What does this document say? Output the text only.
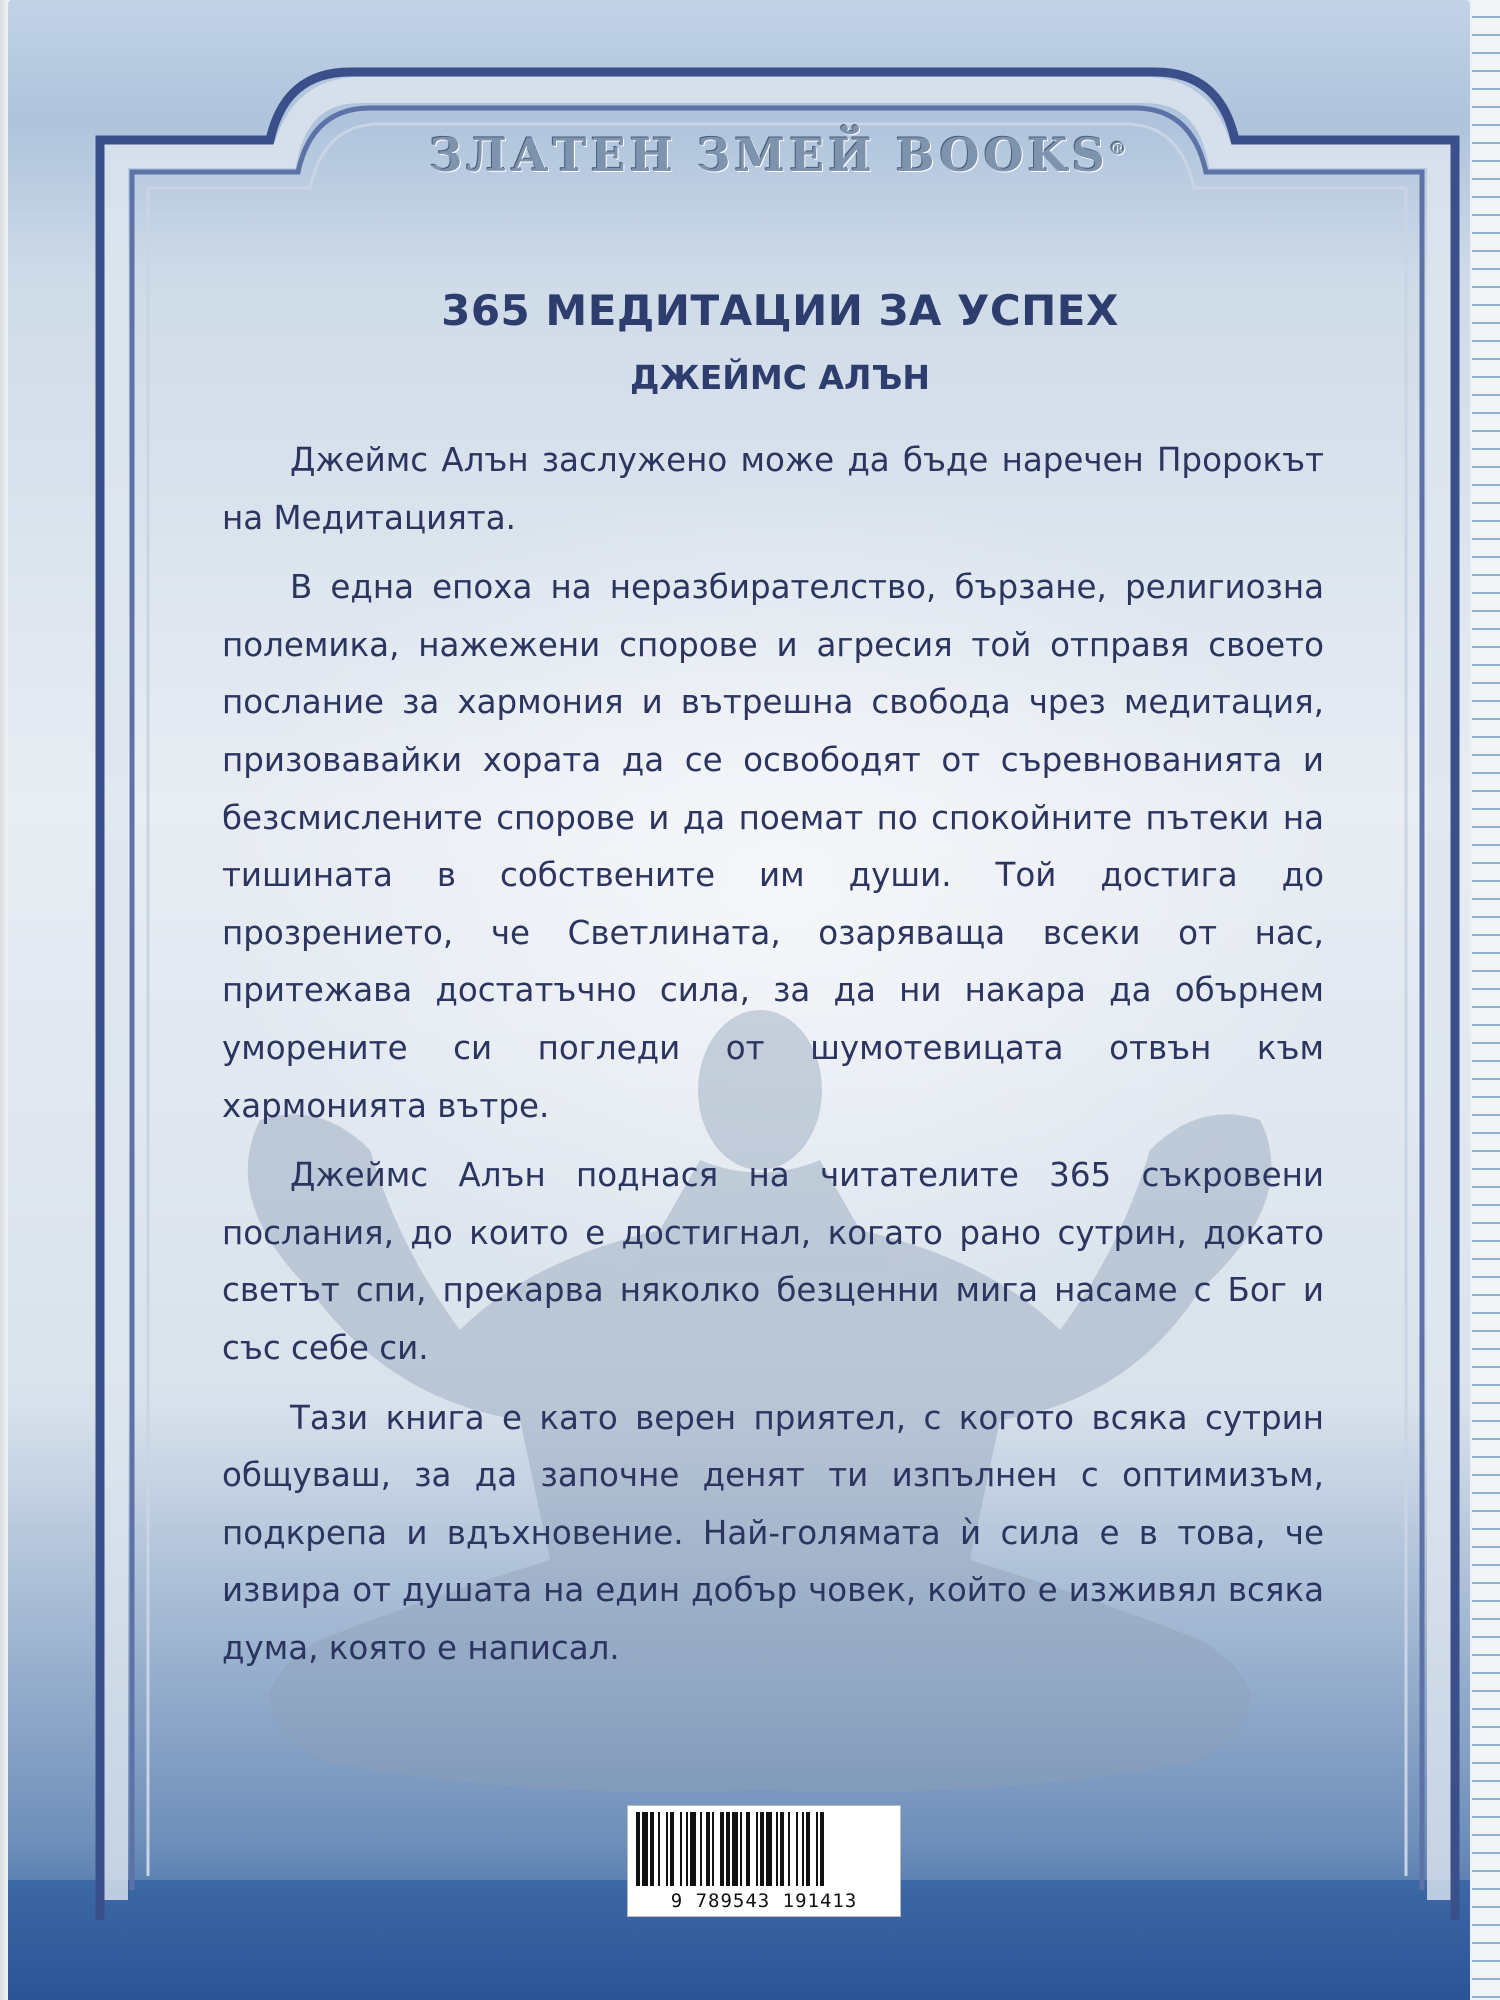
ЗЛАТЕН ЗМЕЙ BOOKS®
365 МЕДИТАЦИИ ЗА УСПЕХ
ДЖЕЙМС АЛЪН

Джеймс Алън заслужено може да бъде наречен Пророкът на Медитацията.

В една епоха на неразбирателство, бързане, религиозна полемика, нажежени спорове и агресия той отправя своето послание за хармония и вътрешна свобода чрез медитация, призовавайки хората да се освободят от съревнованията и безсмислените спорове и да поемат по спокойните пътеки на тишината в собствените им души. Той достига до прозрението, че Светлината, озаряваща всеки от нас, притежава достатъчно сила, за да ни накара да обърнем уморените си погледи от шумотевицата отвън към хармонията вътре.

Джеймс Алън поднася на читателите 365 съкровени послания, до които е достигнал, когато рано сутрин, докато светът спи, прекарва няколко безценни мига насаме с Бог и със себе си.

Тази книга е като верен приятел, с когото всяка сутрин общуваш, за да започне денят ти изпълнен с оптимизъм, подкрепа и вдъхновение. Най-голямата ѝ сила е в това, че извира от душата на един добър човек, който е изживял всяка дума, която е написал.

9 789543 191413
